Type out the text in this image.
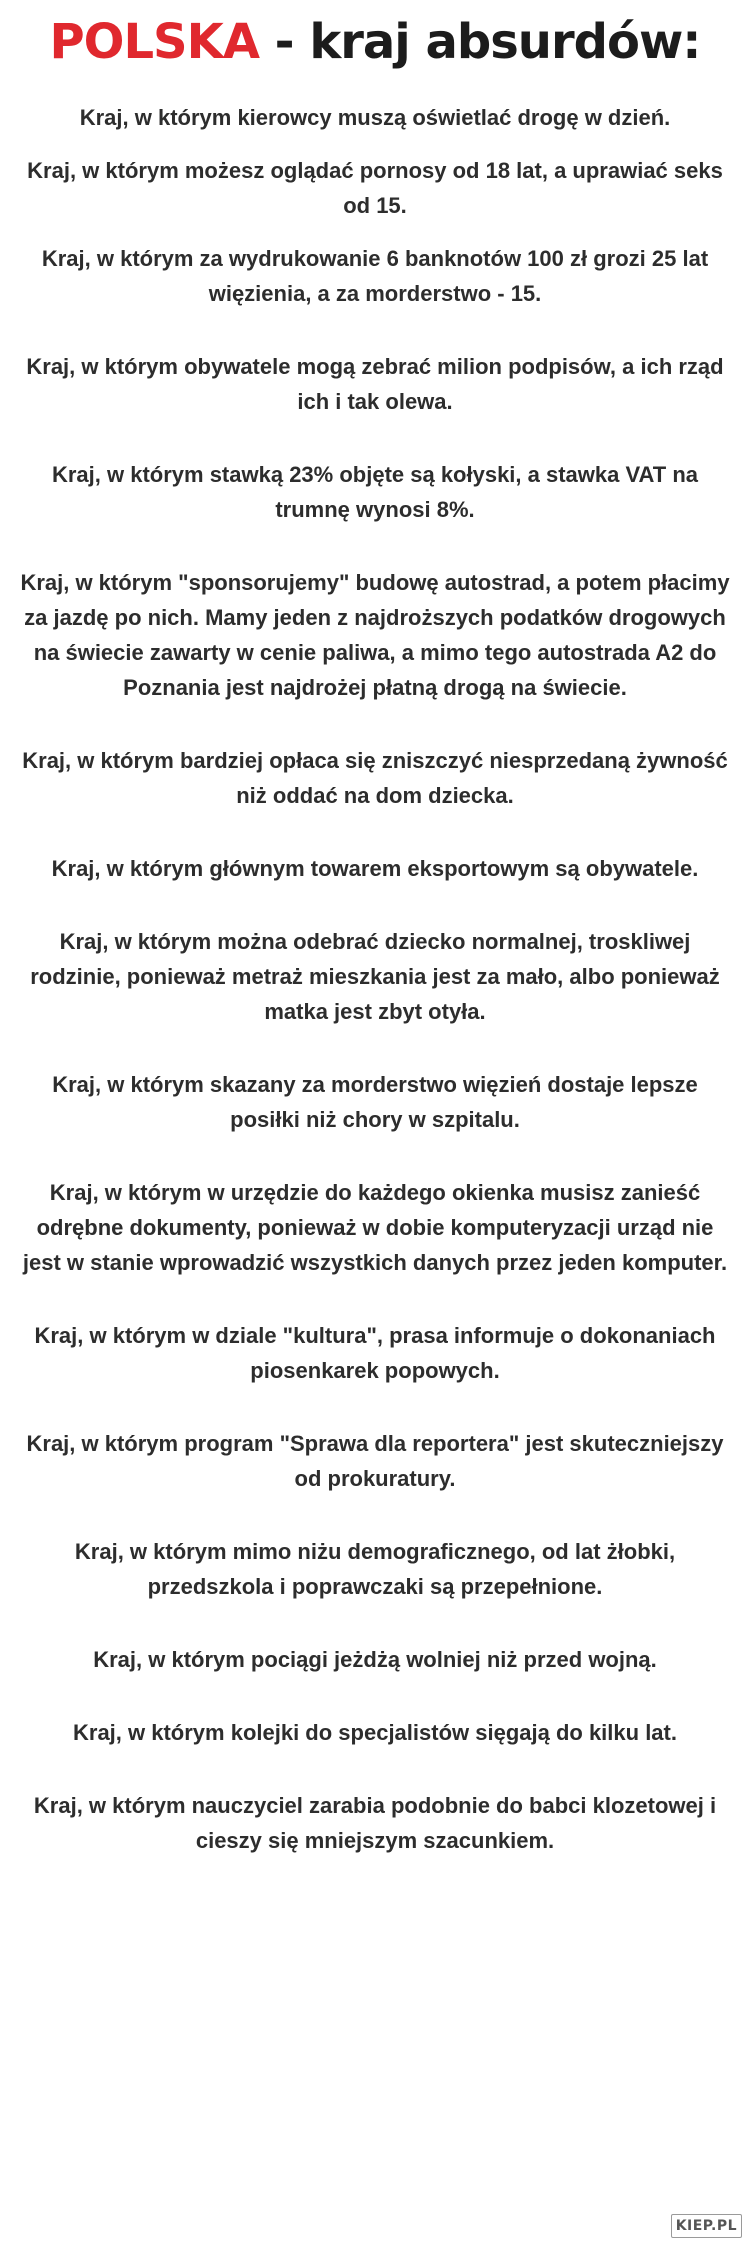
POLSKA - kraj absurdów:
Kraj, w którym kierowcy muszą oświetlać drogę w dzień.
Kraj, w którym możesz oglądać pornosy od 18 lat, a uprawiać seks od 15.
Kraj, w którym za wydrukowanie 6 banknotów 100 zł grozi 25 lat więzienia, a za morderstwo - 15.
Kraj, w którym obywatele mogą zebrać milion podpisów, a ich rząd ich i tak olewa.
Kraj, w którym stawką 23% objęte są kołyski, a stawka VAT na trumnę wynosi 8%.
Kraj, w którym "sponsorujemy" budowę autostrad, a potem płacimy za jazdę po nich. Mamy jeden z najdroższych podatków drogowych na świecie zawarty w cenie paliwa, a mimo tego autostrada A2 do Poznania jest najdrożej płatną drogą na świecie.
Kraj, w którym bardziej opłaca się zniszczyć niesprzedaną żywność niż oddać na dom dziecka.
Kraj, w którym głównym towarem eksportowym są obywatele.
Kraj, w którym można odebrać dziecko normalnej, troskliwej rodzinie, ponieważ metraż mieszkania jest za mało, albo ponieważ matka jest zbyt otyła.
Kraj, w którym skazany za morderstwo więzień dostaje lepsze posiłki niż chory w szpitalu.
Kraj, w którym w urzędzie do każdego okienka musisz zanieść odrębne dokumenty, ponieważ w dobie komputeryzacji urząd nie jest w stanie wprowadzić wszystkich danych przez jeden komputer.
Kraj, w którym w dziale "kultura", prasa informuje o dokonaniach piosenkarek popowych.
Kraj, w którym program "Sprawa dla reportera" jest skuteczniejszy od prokuratury.
Kraj, w którym mimo niżu demograficznego, od lat żłobki, przedszkola i poprawczaki są przepełnione.
Kraj, w którym pociągi jeżdżą wolniej niż przed wojną.
Kraj, w którym kolejki do specjalistów sięgają do kilku lat.
Kraj, w którym nauczyciel zarabia podobnie do babci klozetowej i cieszy się mniejszym szacunkiem.
KIEP.PL
